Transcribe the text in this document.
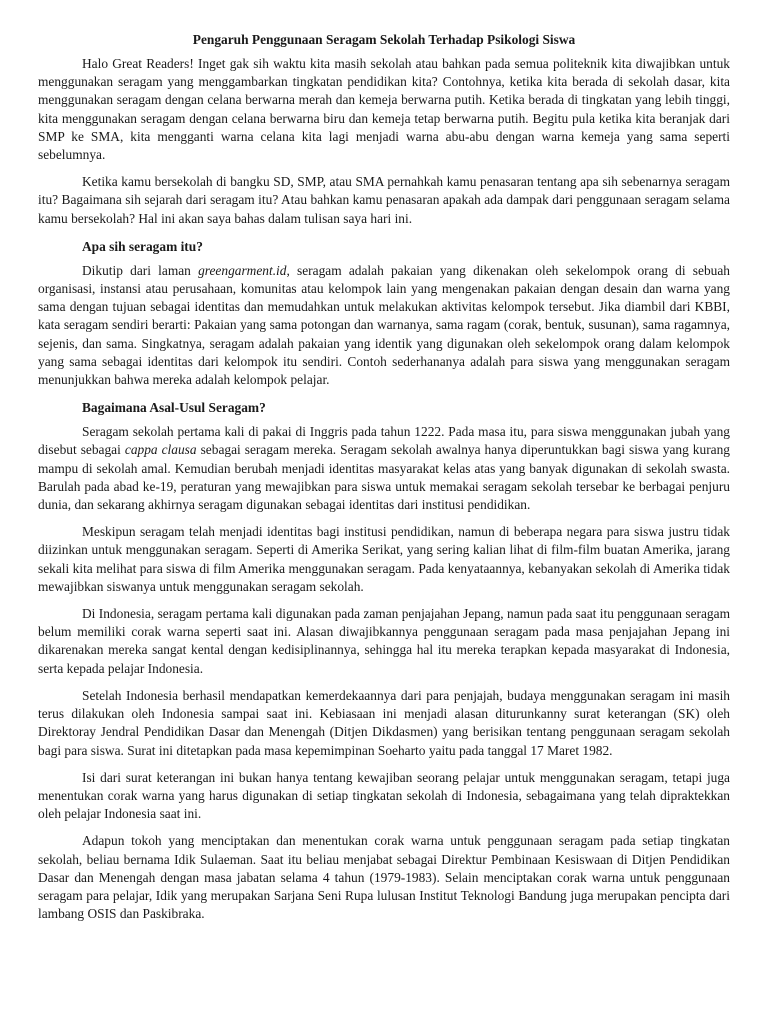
Pengaruh Penggunaan Seragam Sekolah Terhadap Psikologi Siswa

Halo Great Readers! Inget gak sih waktu kita masih sekolah atau bahkan pada semua politeknik kita diwajibkan untuk menggunakan seragam yang menggambarkan tingkatan pendidikan kita? Contohnya, ketika kita berada di sekolah dasar, kita menggunakan seragam dengan celana berwarna merah dan kemeja berwarna putih. Ketika berada di tingkatan yang lebih tinggi, kita menggunakan seragam dengan celana berwarna biru dan kemeja tetap berwarna putih. Begitu pula ketika kita beranjak dari SMP ke SMA, kita mengganti warna celana kita lagi menjadi warna abu-abu dengan warna kemeja yang sama seperti sebelumnya.

Ketika kamu bersekolah di bangku SD, SMP, atau SMA pernahkah kamu penasaran tentang apa sih sebenarnya seragam itu? Bagaimana sih sejarah dari seragam itu? Atau bahkan kamu penasaran apakah ada dampak dari penggunaan seragam selama kamu bersekolah? Hal ini akan saya bahas dalam tulisan saya hari ini.

Apa sih seragam itu?

Dikutip dari laman greengarment.id, seragam adalah pakaian yang dikenakan oleh sekelompok orang di sebuah organisasi, instansi atau perusahaan, komunitas atau kelompok lain yang mengenakan pakaian dengan desain dan warna yang sama dengan tujuan sebagai identitas dan memudahkan untuk melakukan aktivitas kelompok tersebut. Jika diambil dari KBBI, kata seragam sendiri berarti: Pakaian yang sama potongan dan warnanya, sama ragam (corak, bentuk, susunan), sama ragamnya, sejenis, dan sama. Singkatnya, seragam adalah pakaian yang identik yang digunakan oleh sekelompok orang dalam kelompok yang sama sebagai identitas dari kelompok itu sendiri. Contoh sederhananya adalah para siswa yang menggunakan seragam menunjukkan bahwa mereka adalah kelompok pelajar.

Bagaimana Asal-Usul Seragam?

Seragam sekolah pertama kali di pakai di Inggris pada tahun 1222. Pada masa itu, para siswa menggunakan jubah yang disebut sebagai cappa clausa sebagai seragam mereka. Seragam sekolah awalnya hanya diperuntukkan bagi siswa yang kurang mampu di sekolah amal. Kemudian berubah menjadi identitas masyarakat kelas atas yang banyak digunakan di sekolah swasta. Barulah pada abad ke-19, peraturan yang mewajibkan para siswa untuk memakai seragam sekolah tersebar ke berbagai penjuru dunia, dan sekarang akhirnya seragam digunakan sebagai identitas dari institusi pendidikan.

Meskipun seragam telah menjadi identitas bagi institusi pendidikan, namun di beberapa negara para siswa justru tidak diizinkan untuk menggunakan seragam. Seperti di Amerika Serikat, yang sering kalian lihat di film-film buatan Amerika, jarang sekali kita melihat para siswa di film Amerika menggunakan seragam. Pada kenyataannya, kebanyakan sekolah di Amerika tidak mewajibkan siswanya untuk menggunakan seragam sekolah.

Di Indonesia, seragam pertama kali digunakan pada zaman penjajahan Jepang, namun pada saat itu penggunaan seragam belum memiliki corak warna seperti saat ini. Alasan diwajibkannya penggunaan seragam pada masa penjajahan Jepang ini dikarenakan mereka sangat kental dengan kedisiplinannya, sehingga hal itu mereka terapkan kepada masyarakat di Indonesia, serta kepada pelajar Indonesia.

Setelah Indonesia berhasil mendapatkan kemerdekaannya dari para penjajah, budaya menggunakan seragam ini masih terus dilakukan oleh Indonesia sampai saat ini. Kebiasaan ini menjadi alasan diturunkanny surat keterangan (SK) oleh Direktoray Jendral Pendidikan Dasar dan Menengah (Ditjen Dikdasmen) yang berisikan tentang penggunaan seragam sekolah bagi para siswa. Surat ini ditetapkan pada masa kepemimpinan Soeharto yaitu pada tanggal 17 Maret 1982.

Isi dari surat keterangan ini bukan hanya tentang kewajiban seorang pelajar untuk menggunakan seragam, tetapi juga menentukan corak warna yang harus digunakan di setiap tingkatan sekolah di Indonesia, sebagaimana yang telah dipraktekkan oleh pelajar Indonesia saat ini.

Adapun tokoh yang menciptakan dan menentukan corak warna untuk penggunaan seragam pada setiap tingkatan sekolah, beliau bernama Idik Sulaeman. Saat itu beliau menjabat sebagai Direktur Pembinaan Kesiswaan di Ditjen Pendidikan Dasar dan Menengah dengan masa jabatan selama 4 tahun (1979-1983). Selain menciptakan corak warna untuk penggunaan seragam para pelajar, Idik yang merupakan Sarjana Seni Rupa lulusan Institut Teknologi Bandung juga merupakan pencipta dari lambang OSIS dan Paskibraka.
